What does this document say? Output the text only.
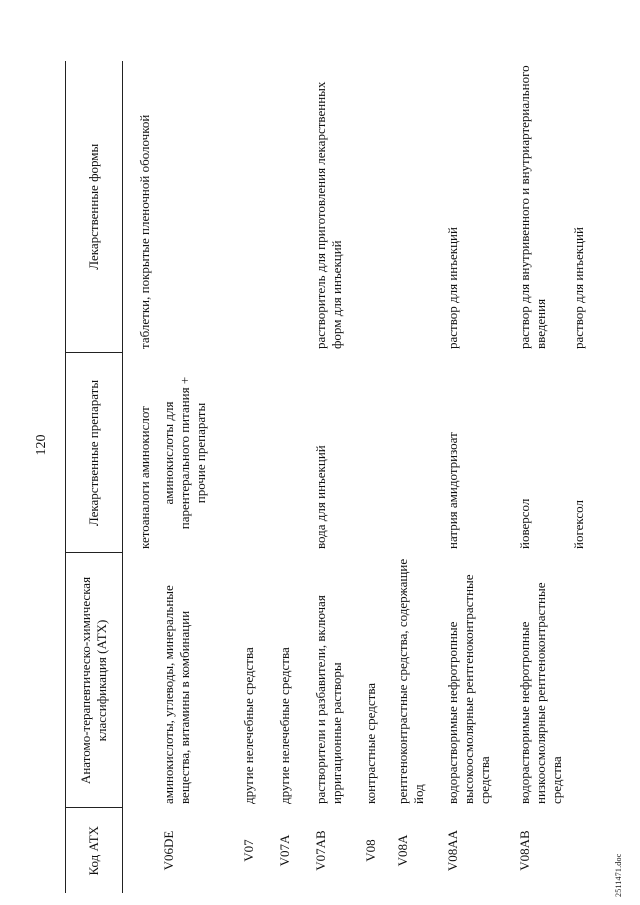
120
Код АТХ	Анатомо-терапевтическо-химическая классификация (АТХ)	Лекарственные препараты	Лекарственные формы
		кетоаналоги аминокислот	таблетки, покрытые пленочной оболочкой
V06DE	аминокислоты, углеводы, минеральные вещества, витамины в комбинации	аминокислоты для парентерального питания + прочие препараты	
V07	другие нелечебные средства		
V07A	другие нелечебные средства		
V07AB	растворители и разбавители, включая ирригационные растворы	вода для инъекций	растворитель для приготовления лекарственных форм для инъекций
V08	контрастные средства		
V08A	рентгеноконтрастные средства, содержащие йод		
V08AA	водорастворимые нефротропные высокоосмолярные рентгеноконтрастные средства	натрия амидотризоат	раствор для инъекций
V08AB	водорастворимые нефротропные низкоосмолярные рентгеноконтрастные средства	йоверсол	раствор для внутривенного и внутриартериального введения
		йогексол	раствор для инъекций
2511471.doc
